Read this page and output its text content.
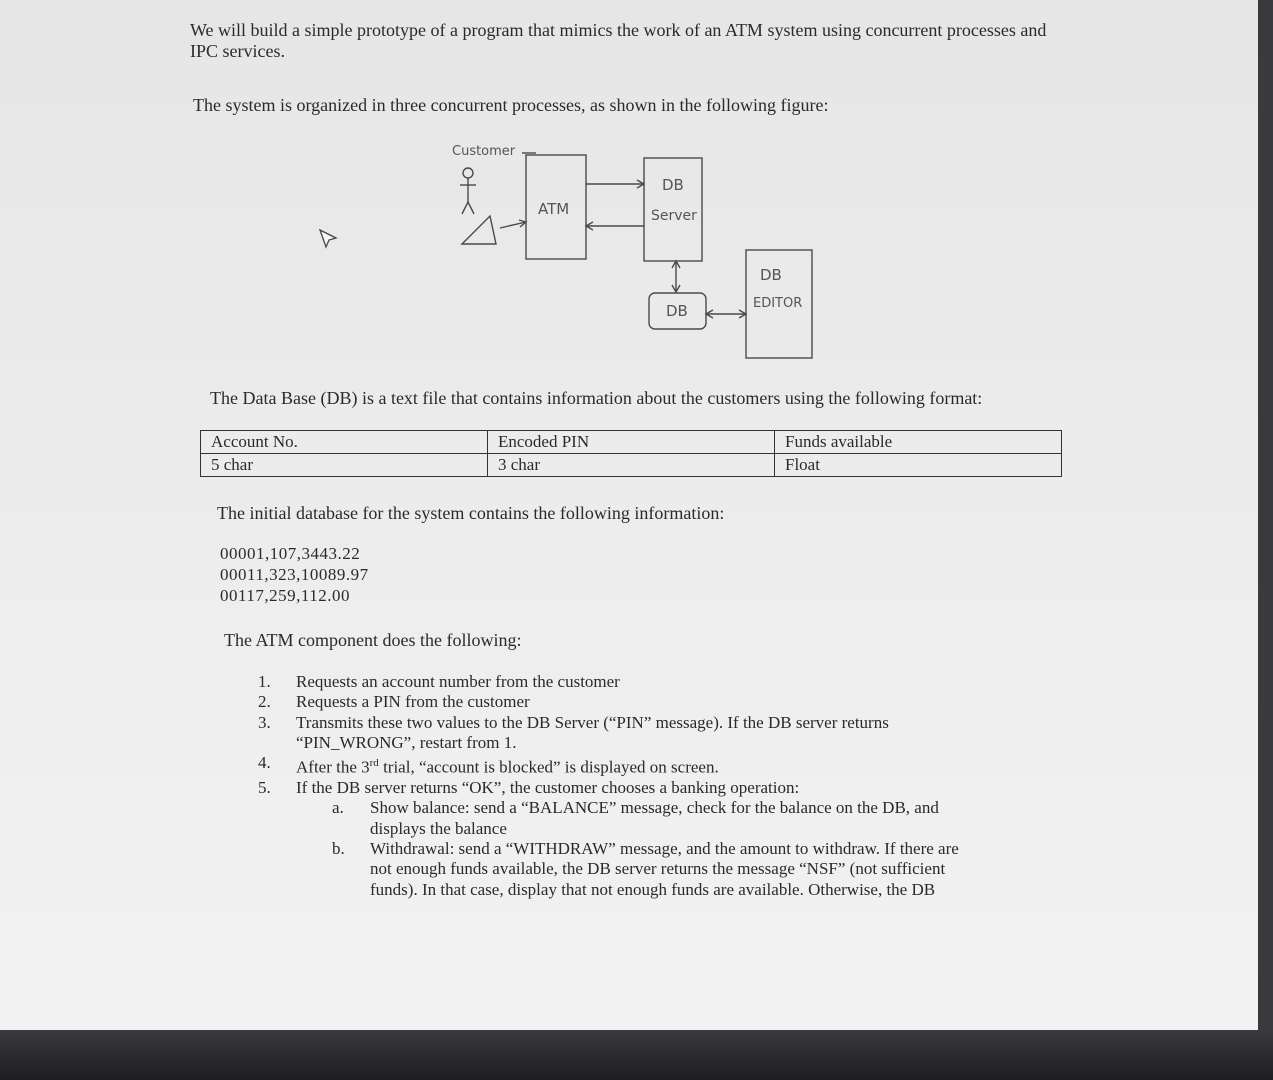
We will build a simple prototype of a program that mimics the work of an ATM system using concurrent processes and IPC services.

The system is organized in three concurrent processes, as shown in the following figure:

Customer
ATM
DB
Server
DB
DB
EDITOR

The Data Base (DB) is a text file that contains information about the customers using the following format:

Account No.	Encoded PIN	Funds available
5 char	3 char	Float

The initial database for the system contains the following information:

00001,107,3443.22
00011,323,10089.97
00117,259,112.00

The ATM component does the following:

1.	Requests an account number from the customer
2.	Requests a PIN from the customer
3.	Transmits these two values to the DB Server (“PIN” message). If the DB server returns
“PIN_WRONG”, restart from 1.
4.	After the 3rd trial, “account is blocked” is displayed on screen.
5.	If the DB server returns “OK”, the customer chooses a banking operation:
a.	Show balance: send a “BALANCE” message, check for the balance on the DB, and
displays the balance
b.	Withdrawal: send a “WITHDRAW” message, and the amount to withdraw. If there are
not enough funds available, the DB server returns the message “NSF” (not sufficient
funds). In that case, display that not enough funds are available. Otherwise, the DB
